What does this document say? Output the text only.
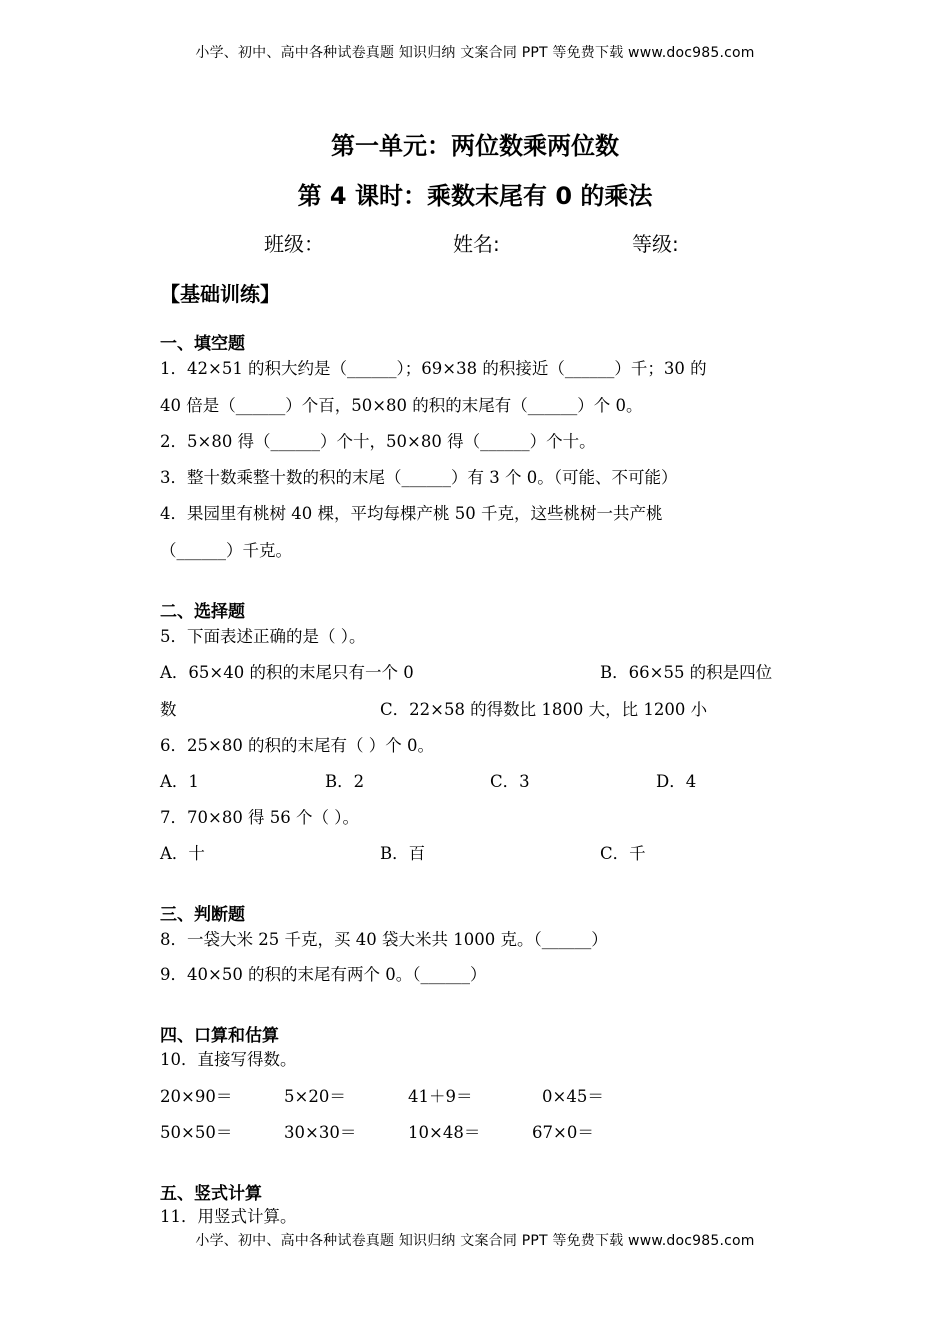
小学、初中、高中各种试卷真题 知识归纳 文案合同 PPT 等免费下载 www.doc985.com
第一单元：两位数乘两位数
第 4 课时：乘数末尾有 0 的乘法
班级：	姓名:	等级:
【基础训练】
一、填空题
1．42×51 的积大约是（______）；69×38 的积接近（______）千；30 的
40 倍是（______）个百，50×80 的积的末尾有（______）个 0。
2．5×80 得（______）个十，50×80 得（______）个十。
3．整十数乘整十数的积的末尾（______）有 3 个 0。（可能、不可能）
4．果园里有桃树 40 棵，平均每棵产桃 50 千克，这些桃树一共产桃
（______）千克。
二、选择题
5．下面表述正确的是（ ）。
A．65×40 的积的末尾只有一个 0	B．66×55 的积是四位
数	C．22×58 的得数比 1800 大，比 1200 小
6．25×80 的积的末尾有（ ）个 0。
A．1	B．2	C．3	D．4
7．70×80 得 56 个（ ）。
A．十	B．百	C．千
三、判断题
8．一袋大米 25 千克，买 40 袋大米共 1000 克。（______）
9．40×50 的积的末尾有两个 0。（______）
四、口算和估算
10．直接写得数。
20×90＝	5×20＝	41＋9＝	0×45＝
50×50＝	30×30＝	10×48＝	67×0＝
五、竖式计算
11．用竖式计算。
小学、初中、高中各种试卷真题 知识归纳 文案合同 PPT 等免费下载 www.doc985.com
